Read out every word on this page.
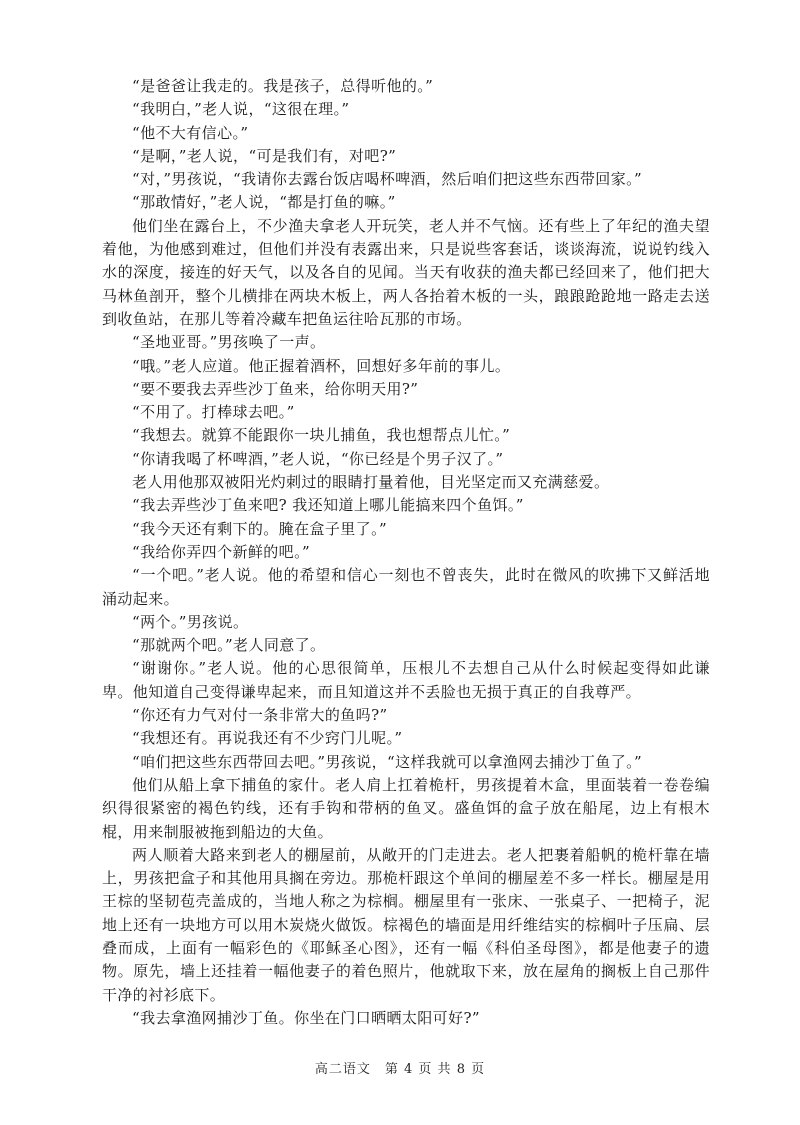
“是爸爸让我走的。我是孩子，总得听他的。”

“我明白，”老人说，“这很在理。”

“他不大有信心。”

“是啊，”老人说，“可是我们有，对吧?”

“对，”男孩说，“我请你去露台饭店喝杯啤酒，然后咱们把这些东西带回家。”

“那敢情好，”老人说，“都是打鱼的嘛。”

他们坐在露台上，不少渔夫拿老人开玩笑，老人并不气恼。还有些上了年纪的渔夫望着他，为他感到难过，但他们并没有表露出来，只是说些客套话，谈谈海流，说说钓线入水的深度，接连的好天气，以及各自的见闻。当天有收获的渔夫都已经回来了，他们把大马林鱼剖开，整个儿横排在两块木板上，两人各抬着木板的一头，踉踉跄跄地一路走去送到收鱼站，在那儿等着冷藏车把鱼运往哈瓦那的市场。

“圣地亚哥。”男孩唤了一声。

“哦。”老人应道。他正握着酒杯，回想好多年前的事儿。

“要不要我去弄些沙丁鱼来，给你明天用?”

“不用了。打棒球去吧。”

“我想去。就算不能跟你一块儿捕鱼，我也想帮点儿忙。”

“你请我喝了杯啤酒，”老人说，“你已经是个男子汉了。”

老人用他那双被阳光灼刺过的眼睛打量着他，目光坚定而又充满慈爱。

“我去弄些沙丁鱼来吧? 我还知道上哪儿能搞来四个鱼饵。”

“我今天还有剩下的。腌在盒子里了。”

“我给你弄四个新鲜的吧。”

“一个吧。”老人说。他的希望和信心一刻也不曾丧失，此时在微风的吹拂下又鲜活地涌动起来。

“两个。”男孩说。

“那就两个吧。”老人同意了。

“谢谢你。”老人说。他的心思很简单，压根儿不去想自己从什么时候起变得如此谦卑。他知道自己变得谦卑起来，而且知道这并不丢脸也无损于真正的自我尊严。

“你还有力气对付一条非常大的鱼吗?”

“我想还有。再说我还有不少窍门儿呢。”

“咱们把这些东西带回去吧。”男孩说，“这样我就可以拿渔网去捕沙丁鱼了。”

他们从船上拿下捕鱼的家什。老人肩上扛着桅杆，男孩提着木盒，里面装着一卷卷编织得很紧密的褐色钓线，还有手钩和带柄的鱼叉。盛鱼饵的盒子放在船尾，边上有根木棍，用来制服被拖到船边的大鱼。

两人顺着大路来到老人的棚屋前，从敞开的门走进去。老人把裹着船帆的桅杆靠在墙上，男孩把盒子和其他用具搁在旁边。那桅杆跟这个单间的棚屋差不多一样长。棚屋是用王棕的坚韧苞壳盖成的，当地人称之为棕榈。棚屋里有一张床、一张桌子、一把椅子，泥地上还有一块地方可以用木炭烧火做饭。棕褐色的墙面是用纤维结实的棕榈叶子压扁、层叠而成，上面有一幅彩色的《耶稣圣心图》，还有一幅《科伯圣母图》，都是他妻子的遗物。原先，墙上还挂着一幅他妻子的着色照片，他就取下来，放在屋角的搁板上自己那件干净的衬衫底下。

“我去拿渔网捕沙丁鱼。你坐在门口晒晒太阳可好?”

高二语文　第 4 页 共 8 页
